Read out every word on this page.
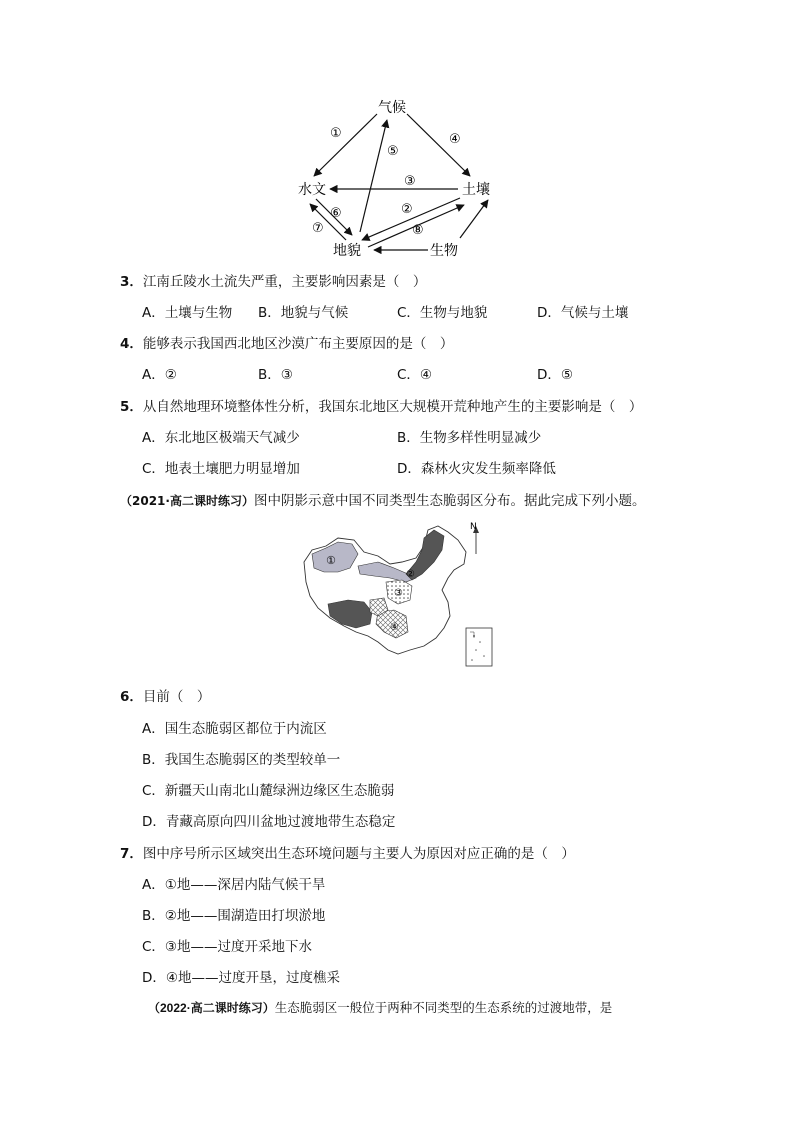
气候
水文	土壤
地貌	生物
①	④
⑤
③
⑥	②
⑦	⑧
3．江南丘陵水土流失严重，主要影响因素是（　）
A．土壤与生物 B．地貌与气候	C．生物与地貌	D．气候与土壤
4．能够表示我国西北地区沙漠广布主要原因的是（　）
A．②	B．③	C．④	D．⑤
5．从自然地理环境整体性分析，我国东北地区大规模开荒种地产生的主要影响是（　）
A．东北地区极端天气减少	B．生物多样性明显减少
C．地表土壤肥力明显增加	D．森林火灾发生频率降低
（2021·高二课时练习）图中阴影示意中国不同类型生态脆弱区分布。据此完成下列小题。
①
②
③
④
N
6．目前（　）
A．国生态脆弱区都位于内流区
B．我国生态脆弱区的类型较单一
C．新疆天山南北山麓绿洲边缘区生态脆弱
D．青藏高原向四川盆地过渡地带生态稳定
7．图中序号所示区域突出生态环境问题与主要人为原因对应正确的是（　）
A．①地——深居内陆气候干旱
B．②地——围湖造田打坝淤地
C．③地——过度开采地下水
D．④地——过度开垦，过度樵采
（2022·高二课时练习）生态脆弱区一般位于两种不同类型的生态系统的过渡地带，是
